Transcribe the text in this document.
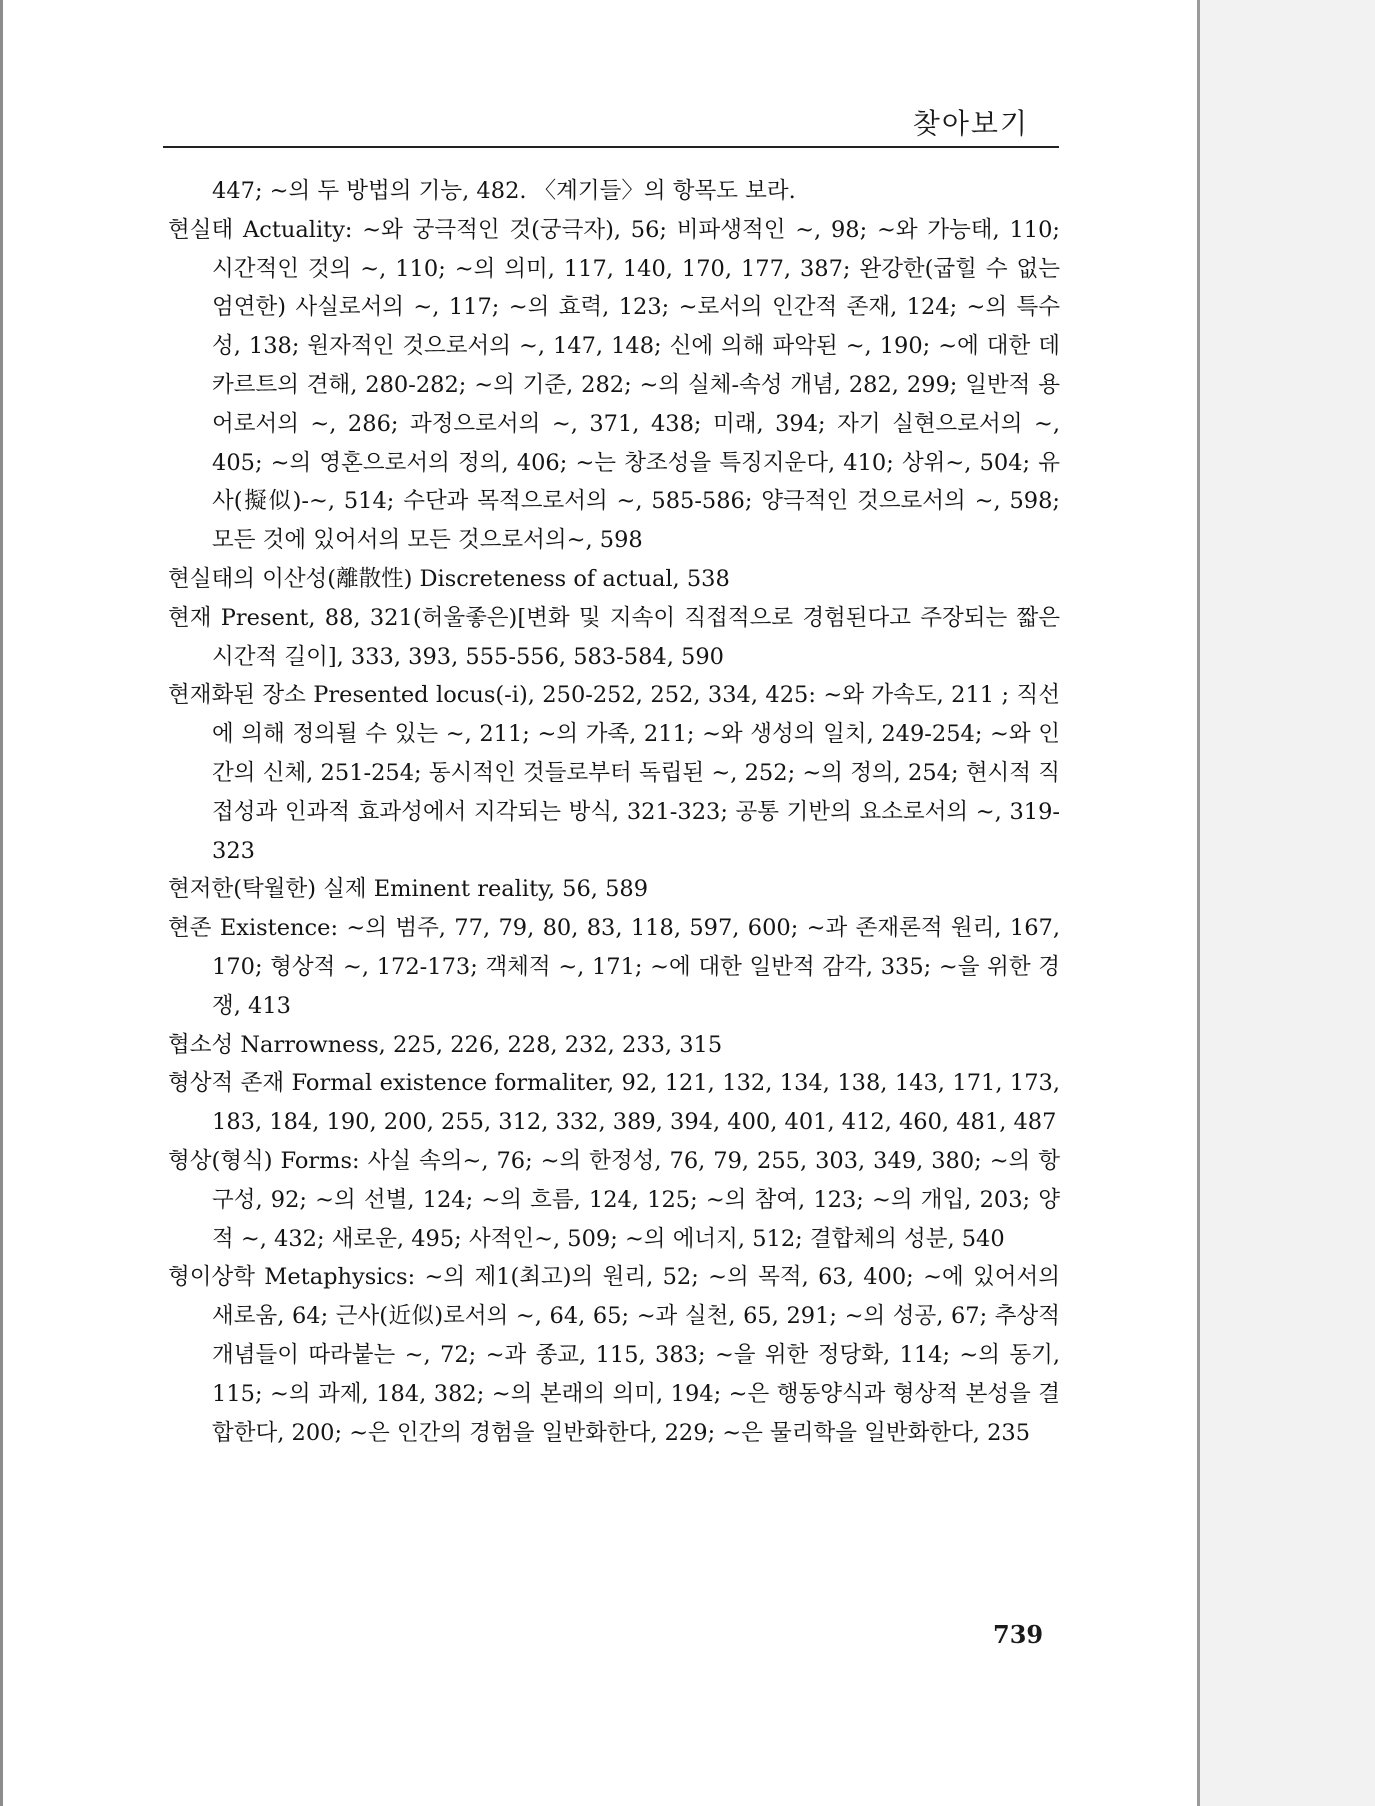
찾아보기
447; ~의 두 방법의 기능, 482. 〈계기들〉의 항목도 보라.
현실태 Actuality: ~와 궁극적인 것(궁극자), 56; 비파생적인 ~, 98; ~와 가능태, 110; 시간적인 것의 ~, 110; ~의 의미, 117, 140, 170, 177, 387; 완강한(굽힐 수 없는 엄연한) 사실로서의 ~, 117; ~의 효력, 123; ~로서의 인간적 존재, 124; ~의 특수성, 138; 원자적인 것으로서의 ~, 147, 148; 신에 의해 파악된 ~, 190; ~에 대한 데카르트의 견해, 280-282; ~의 기준, 282; ~의 실체-속성 개념, 282, 299; 일반적 용어로서의 ~, 286; 과정으로서의 ~, 371, 438; 미래, 394; 자기 실현으로서의 ~, 405; ~의 영혼으로서의 정의, 406; ~는 창조성을 특징지운다, 410; 상위~, 504; 유사(擬似)-~, 514; 수단과 목적으로서의 ~, 585-586; 양극적인 것으로서의 ~, 598; 모든 것에 있어서의 모든 것으로서의~, 598
현실태의 이산성(離散性) Discreteness of actual, 538
현재 Present, 88, 321(허울좋은)[변화 및 지속이 직접적으로 경험된다고 주장되는 짧은 시간적 길이], 333, 393, 555-556, 583-584, 590
현재화된 장소 Presented locus(-i), 250-252, 252, 334, 425: ~와 가속도, 211 ; 직선에 의해 정의될 수 있는 ~, 211; ~의 가족, 211; ~와 생성의 일치, 249-254; ~와 인간의 신체, 251-254; 동시적인 것들로부터 독립된 ~, 252; ~의 정의, 254; 현시적 직접성과 인과적 효과성에서 지각되는 방식, 321-323; 공통 기반의 요소로서의 ~, 319-323
현저한(탁월한) 실제 Eminent reality, 56, 589
현존 Existence: ~의 범주, 77, 79, 80, 83, 118, 597, 600; ~과 존재론적 원리, 167, 170; 형상적 ~, 172-173; 객체적 ~, 171; ~에 대한 일반적 감각, 335; ~을 위한 경쟁, 413
협소성 Narrowness, 225, 226, 228, 232, 233, 315
형상적 존재 Formal existence formaliter, 92, 121, 132, 134, 138, 143, 171, 173, 183, 184, 190, 200, 255, 312, 332, 389, 394, 400, 401, 412, 460, 481, 487
형상(형식) Forms: 사실 속의~, 76; ~의 한정성, 76, 79, 255, 303, 349, 380; ~의 항구성, 92; ~의 선별, 124; ~의 흐름, 124, 125; ~의 참여, 123; ~의 개입, 203; 양적 ~, 432; 새로운, 495; 사적인~, 509; ~의 에너지, 512; 결합체의 성분, 540
형이상학 Metaphysics: ~의 제1(최고)의 원리, 52; ~의 목적, 63, 400; ~에 있어서의 새로움, 64; 근사(近似)로서의 ~, 64, 65; ~과 실천, 65, 291; ~의 성공, 67; 추상적 개념들이 따라붙는 ~, 72; ~과 종교, 115, 383; ~을 위한 정당화, 114; ~의 동기, 115; ~의 과제, 184, 382; ~의 본래의 의미, 194; ~은 행동양식과 형상적 본성을 결합한다, 200; ~은 인간의 경험을 일반화한다, 229; ~은 물리학을 일반화한다, 235
739
